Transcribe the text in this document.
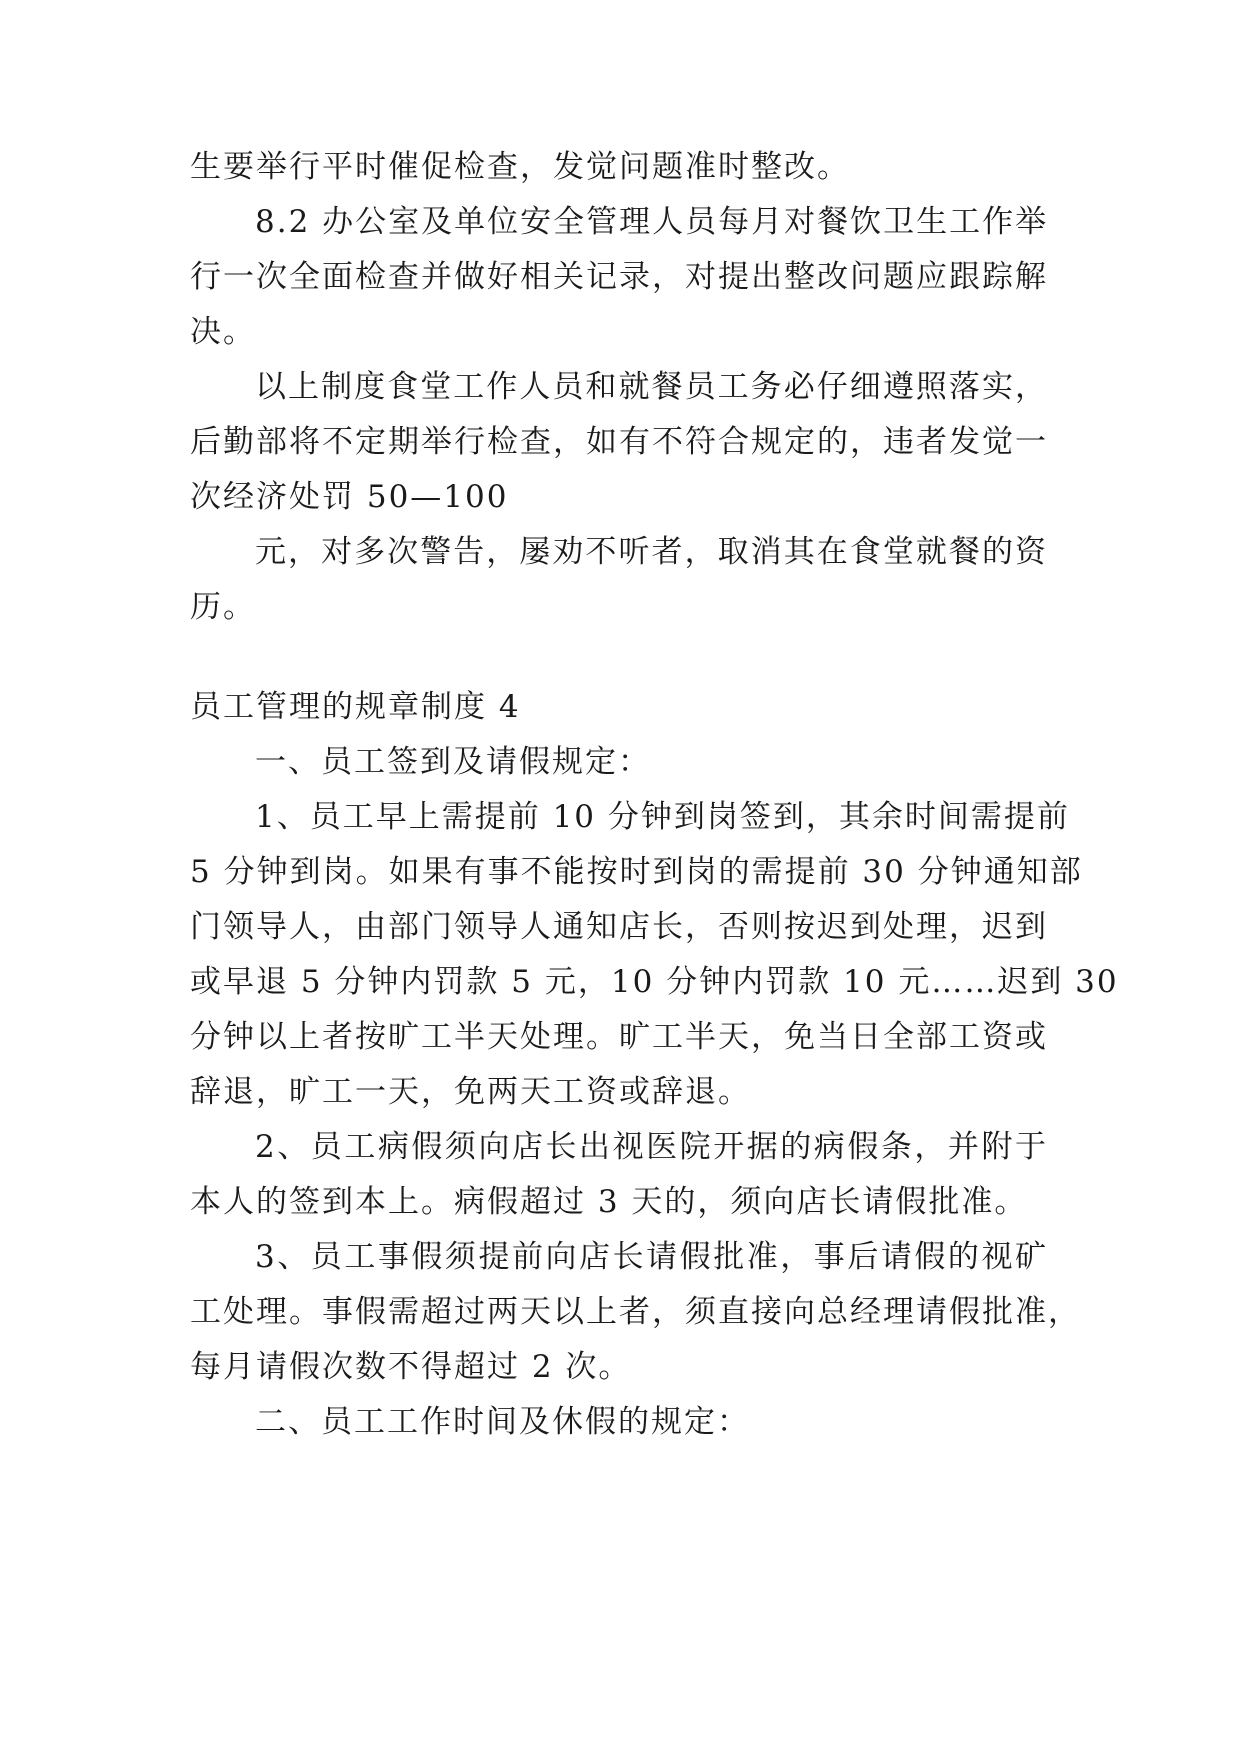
生要举行平时催促检查，发觉问题准时整改。
8.2 办公室及单位安全管理人员每月对餐饮卫生工作举
行一次全面检查并做好相关记录，对提出整改问题应跟踪解
决。
以上制度食堂工作人员和就餐员工务必仔细遵照落实，
后勤部将不定期举行检查，如有不符合规定的，违者发觉一
次经济处罚 50—100
元，对多次警告，屡劝不听者，取消其在食堂就餐的资
历。
员工管理的规章制度 4
一、员工签到及请假规定：
1、员工早上需提前 10 分钟到岗签到，其余时间需提前
5 分钟到岗。如果有事不能按时到岗的需提前 30 分钟通知部
门领导人，由部门领导人通知店长，否则按迟到处理，迟到
或早退 5 分钟内罚款 5 元，10 分钟内罚款 10 元……迟到 30
分钟以上者按旷工半天处理。旷工半天，免当日全部工资或
辞退，旷工一天，免两天工资或辞退。
2、员工病假须向店长出视医院开据的病假条，并附于
本人的签到本上。病假超过 3 天的，须向店长请假批准。
3、员工事假须提前向店长请假批准，事后请假的视矿
工处理。事假需超过两天以上者，须直接向总经理请假批准，
每月请假次数不得超过 2 次。
二、员工工作时间及休假的规定：
